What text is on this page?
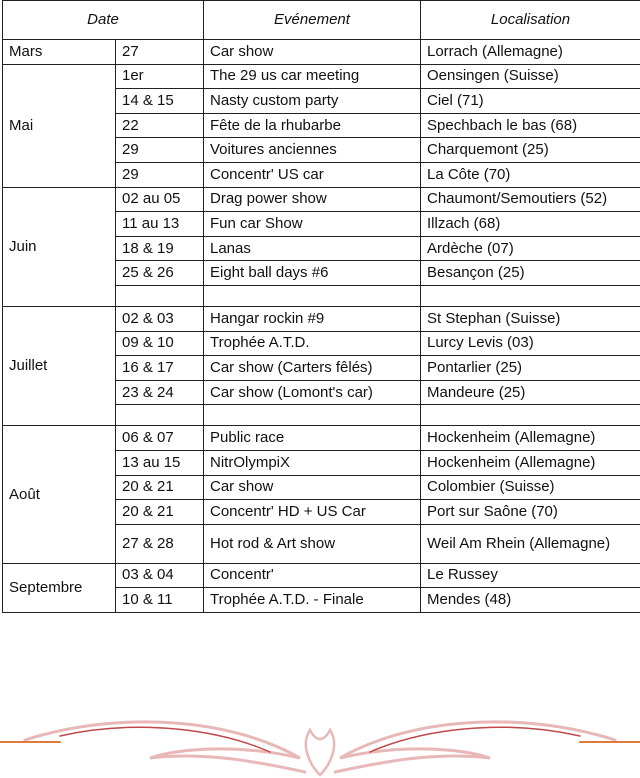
Date		Evénement	Localisation
Mars	27	Car show	Lorrach (Allemagne)
Mai	1er	The 29 us car meeting	Oensingen (Suisse)
	14 & 15	Nasty custom party	Ciel (71)
	22	Fête de la rhubarbe	Spechbach le bas (68)
	29	Voitures anciennes	Charquemont (25)
	29	Concentr' US car	La Côte (70)
Juin	02 au 05	Drag power show	Chaumont/Semoutiers (52)
	11 au 13	Fun car Show	Illzach (68)
	18 & 19	Lanas	Ardèche (07)
	25 & 26	Eight ball days #6	Besançon (25)

Juillet	02 & 03	Hangar rockin #9	St Stephan (Suisse)
	09 & 10	Trophée A.T.D.	Lurcy Levis (03)
	16 & 17	Car show (Carters fêlés)	Pontarlier (25)
	23 & 24	Car show (Lomont's car)	Mandeure (25)

Août	06 & 07	Public race	Hockenheim (Allemagne)
	13 au 15	NitrOlympiX	Hockenheim (Allemagne)
	20 & 21	Car show	Colombier (Suisse)
	20 & 21	Concentr' HD + US Car	Port sur Saône (70)
	27 & 28	Hot rod & Art show	Weil Am Rhein (Allemagne)
Septembre	03 & 04	Concentr'	Le Russey
	10 & 11	Trophée A.T.D. - Finale	Mendes (48)
